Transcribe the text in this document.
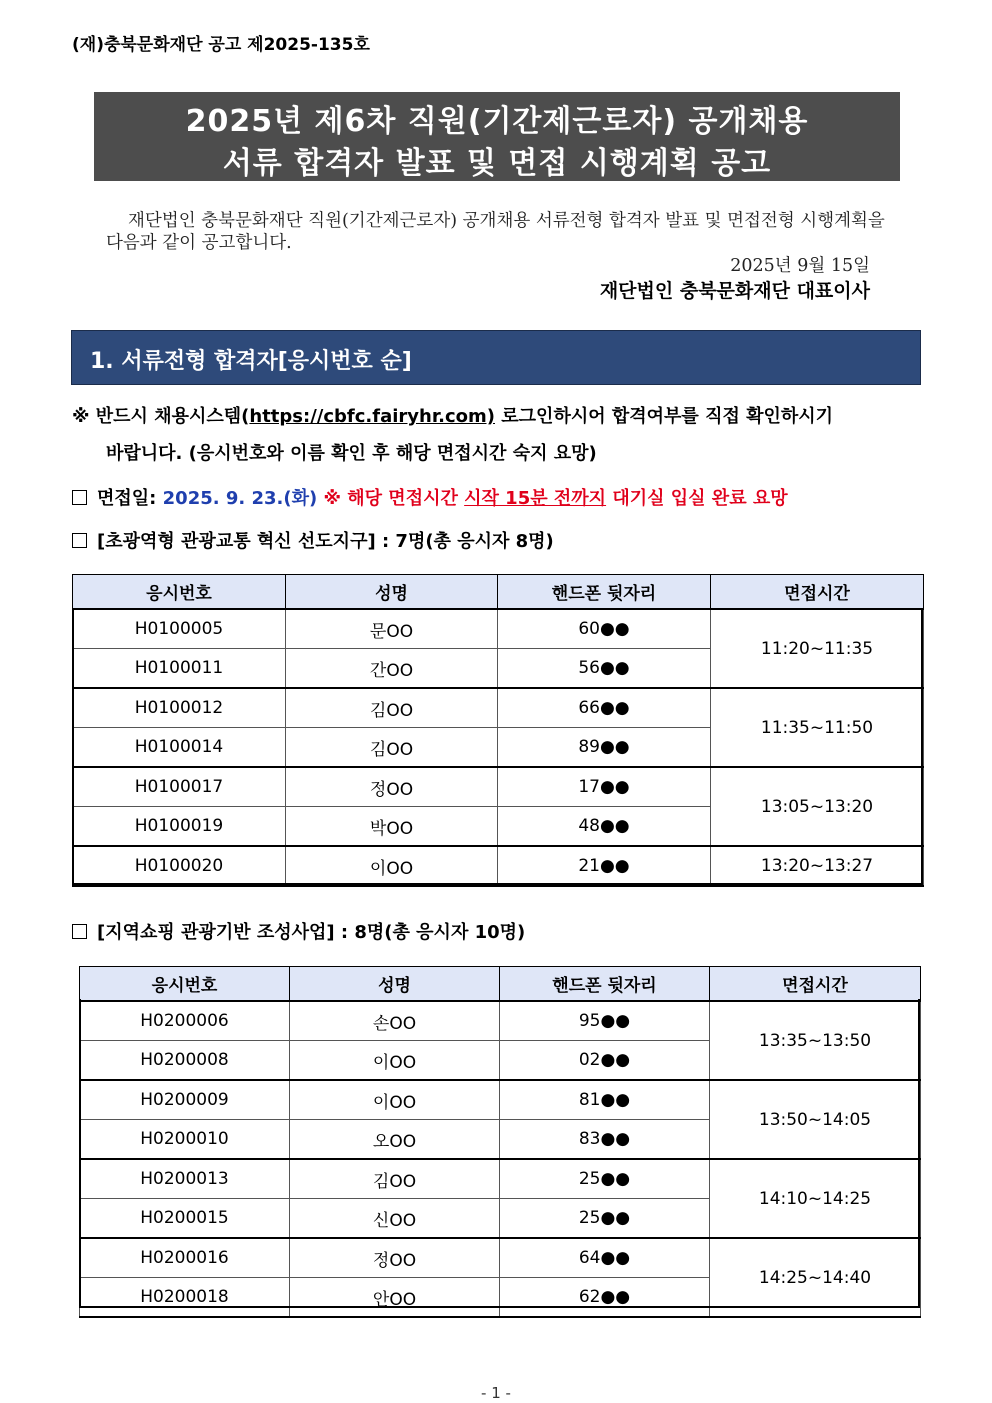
(재)충북문화재단 공고 제2025-135호
2025년 제6차 직원(기간제근로자) 공개채용
서류 합격자 발표 및 면접 시행계획 공고
재단법인 충북문화재단 직원(기간제근로자) 공개채용 서류전형 합격자 발표 및 면접전형 시행계획을 다음과 같이 공고합니다.
2025년 9월 15일
재단법인 충북문화재단 대표이사
1. 서류전형 합격자[응시번호 순]
※ 반드시 채용시스템(https://cbfc.fairyhr.com) 로그인하시어 합격여부를 직접 확인하시기
바랍니다. (응시번호와 이름 확인 후 해당 면접시간 숙지 요망)
면접일: 2025. 9. 23.(화) ※ 해당 면접시간 시작 15분 전까지 대기실 입실 완료 요망
[초광역형 관광교통 혁신 선도지구] : 7명(총 응시자 8명)
응시번호	성명	핸드폰 뒷자리	면접시간
H0100005	문OO	60●●	11:20~11:35
H0100011	간OO	56●●	
H0100012	김OO	66●●	11:35~11:50
H0100014	김OO	89●●	
H0100017	정OO	17●●	13:05~13:20
H0100019	박OO	48●●	
H0100020	이OO	21●●	13:20~13:27
[지역쇼핑 관광기반 조성사업] : 8명(총 응시자 10명)
응시번호	성명	핸드폰 뒷자리	면접시간
H0200006	손OO	95●●	13:35~13:50
H0200008	이OO	02●●	
H0200009	이OO	81●●	13:50~14:05
H0200010	오OO	83●●	
H0200013	김OO	25●●	14:10~14:25
H0200015	신OO	25●●	
H0200016	정OO	64●●	14:25~14:40
H0200018	안OO	62●●	
- 1 -
